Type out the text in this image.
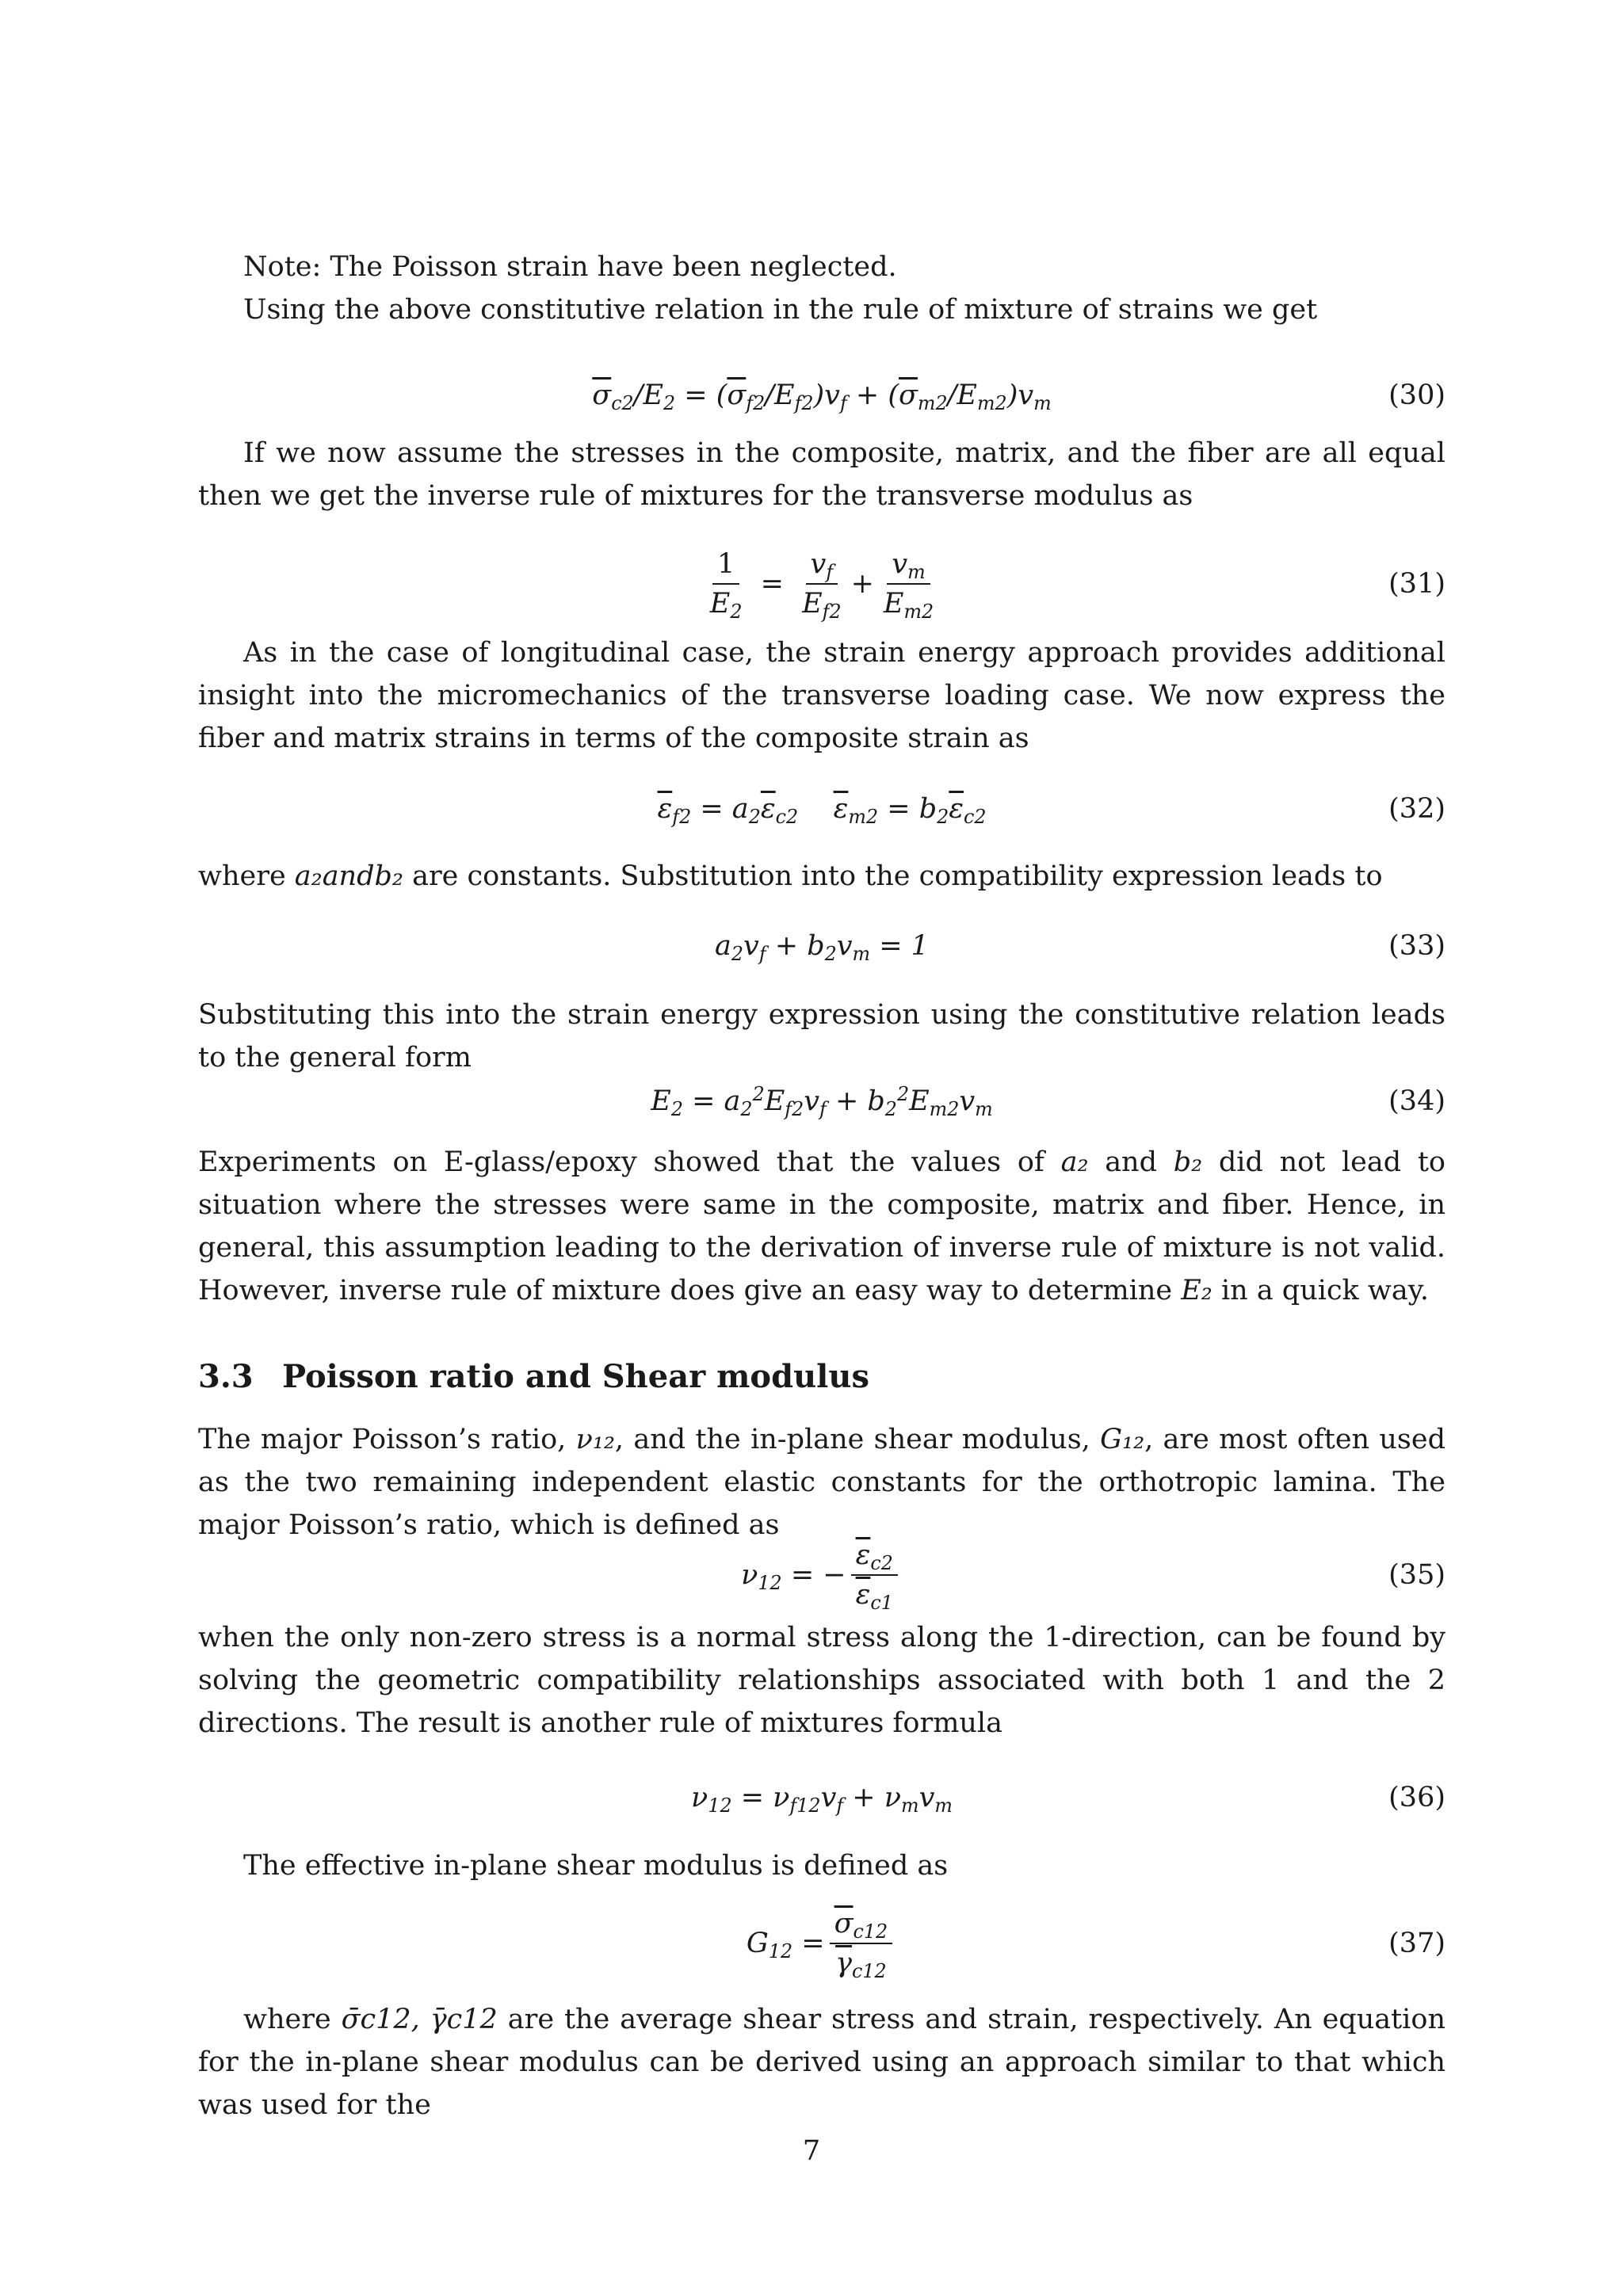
Note: The Poisson strain have been neglected.

Using the above constitutive relation in the rule of mixture of strains we get

$\overline{\sigma}_{c2}/E_2 = (\overline{\sigma}_{f2}/E_{f2})v_f + (\overline{\sigma}_{m2}/E_{m2})v_m$	(30)

If we now assume the stresses in the composite, matrix, and the fiber are all equal then we get the inverse rule of mixtures for the transverse modulus as

$\frac{1}{E_2} = \frac{v_f}{E_{f2}} + \frac{v_m}{E_{m2}}$	(31)

As in the case of longitudinal case, the strain energy approach provides additional insight into the micromechanics of the transverse loading case. We now express the fiber and matrix strains in terms of the composite strain as

$\overline{\varepsilon}_{f2} = a_2\overline{\varepsilon}_{c2}$ $\overline{\varepsilon}_{m2} = b_2\overline{\varepsilon}_{c2}$	(32)

where a₂andb₂ are constants. Substitution into the compatibility expression leads to

$a_2v_f + b_2v_m = 1$	(33)

Substituting this into the strain energy expression using the constitutive relation leads to the general form

$E_2 = a_2^2E_{f2}v_f + b_2^2E_{m2}v_m$	(34)

Experiments on E-glass/epoxy showed that the values of a₂ and b₂ did not lead to situation where the stresses were same in the composite, matrix and fiber. Hence, in general, this assumption leading to the derivation of inverse rule of mixture is not valid. However, inverse rule of mixture does give an easy way to determine E₂ in a quick way.

3.3 Poisson ratio and Shear modulus

The major Poisson’s ratio, ν₁₂, and the in-plane shear modulus, G₁₂, are most often used as the two remaining independent elastic constants for the orthotropic lamina. The major Poisson’s ratio, which is defined as

$\nu_{12}$ = − $\frac{\overline{\varepsilon}_{c2}}{\overline{\varepsilon}_{c1}}$	(35)

when the only non-zero stress is a normal stress along the 1-direction, can be found by solving the geometric compatibility relationships associated with both 1 and the 2 directions. The result is another rule of mixtures formula

$\nu_{12} = \nu_{f12}v_f + \nu_mv_m$	(36)

The effective in-plane shear modulus is defined as

$G_{12} = \frac{\overline{\sigma}_{c12}}{\overline{\gamma}_{c12}}$	(37)

where σ̄c12, γ̄c12 are the average shear stress and strain, respectively. An equation for the in-plane shear modulus can be derived using an approach similar to that which was used for the

7
